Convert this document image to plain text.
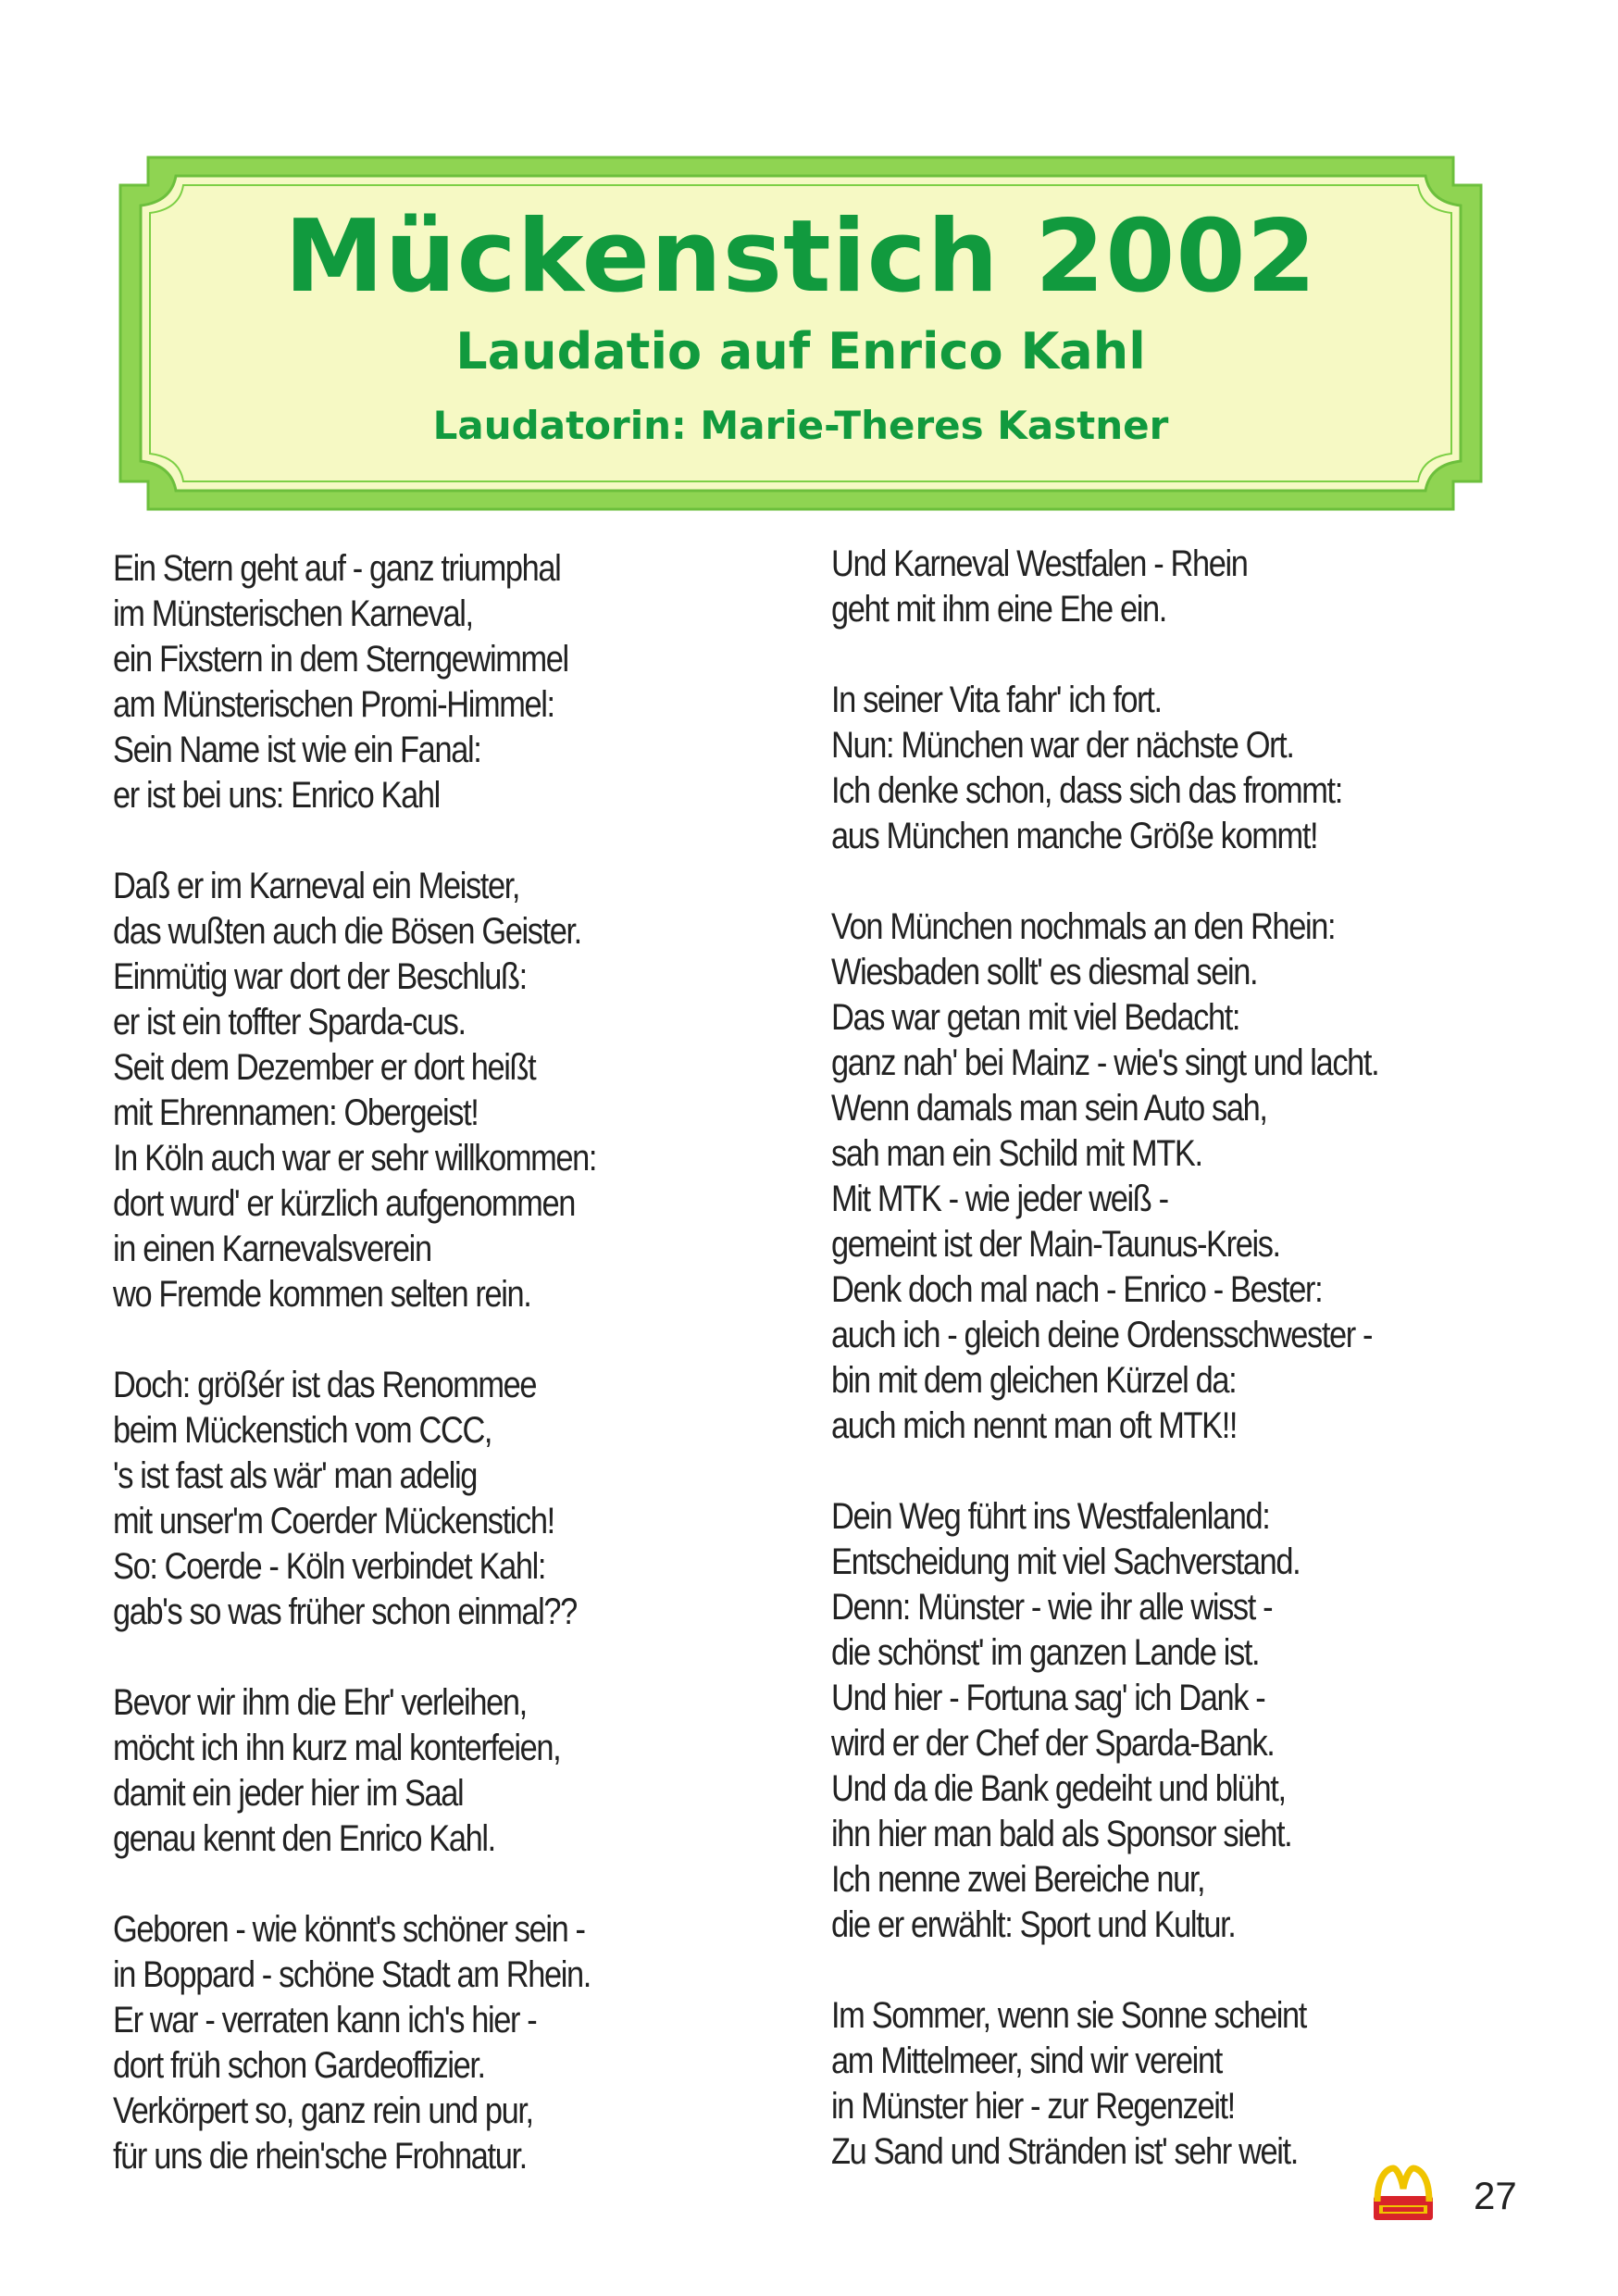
Mückenstich 2002
Laudatio auf Enrico Kahl
Laudatorin: Marie-Theres Kastner
Ein Stern geht auf - ganz triumphal
im Münsterischen Karneval,
ein Fixstern in dem Sterngewimmel
am Münsterischen Promi-Himmel:
Sein Name ist wie ein Fanal:
er ist bei uns: Enrico Kahl
Daß er im Karneval ein Meister,
das wußten auch die Bösen Geister.
Einmütig war dort der Beschluß:
er ist ein toffter Sparda-cus.
Seit dem Dezember er dort heißt
mit Ehrennamen: Obergeist!
In Köln auch war er sehr willkommen:
dort wurd' er kürzlich aufgenommen
in einen Karnevalsverein
wo Fremde kommen selten rein.
Doch: größér ist das Renommee
beim Mückenstich vom CCC,
's ist fast als wär' man adelig
mit unser'm Coerder Mückenstich!
So: Coerde - Köln verbindet Kahl:
gab's so was früher schon einmal??
Bevor wir ihm die Ehr' verleihen,
möcht ich ihn kurz mal konterfeien,
damit ein jeder hier im Saal
genau kennt den Enrico Kahl.
Geboren - wie könnt's schöner sein -
in Boppard - schöne Stadt am Rhein.
Er war - verraten kann ich's hier -
dort früh schon Gardeoffizier.
Verkörpert so, ganz rein und pur,
für uns die rhein'sche Frohnatur.
Und Karneval Westfalen - Rhein
geht mit ihm eine Ehe ein.
In seiner Vita fahr' ich fort.
Nun: München war der nächste Ort.
Ich denke schon, dass sich das frommt:
aus München manche Größe kommt!
Von München nochmals an den Rhein:
Wiesbaden sollt' es diesmal sein.
Das war getan mit viel Bedacht:
ganz nah' bei Mainz - wie's singt und lacht.
Wenn damals man sein Auto sah,
sah man ein Schild mit MTK.
Mit MTK - wie jeder weiß -
gemeint ist der Main-Taunus-Kreis.
Denk doch mal nach - Enrico - Bester:
auch ich - gleich deine Ordensschwester -
bin mit dem gleichen Kürzel da:
auch mich nennt man oft MTK!!
Dein Weg führt ins Westfalenland:
Entscheidung mit viel Sachverstand.
Denn: Münster - wie ihr alle wisst -
die schönst' im ganzen Lande ist.
Und hier - Fortuna sag' ich Dank -
wird er der Chef der Sparda-Bank.
Und da die Bank gedeiht und blüht,
ihn hier man bald als Sponsor sieht.
Ich nenne zwei Bereiche nur,
die er erwählt: Sport und Kultur.
Im Sommer, wenn sie Sonne scheint
am Mittelmeer, sind wir vereint
in Münster hier - zur Regenzeit!
Zu Sand und Stränden ist' sehr weit.
27
